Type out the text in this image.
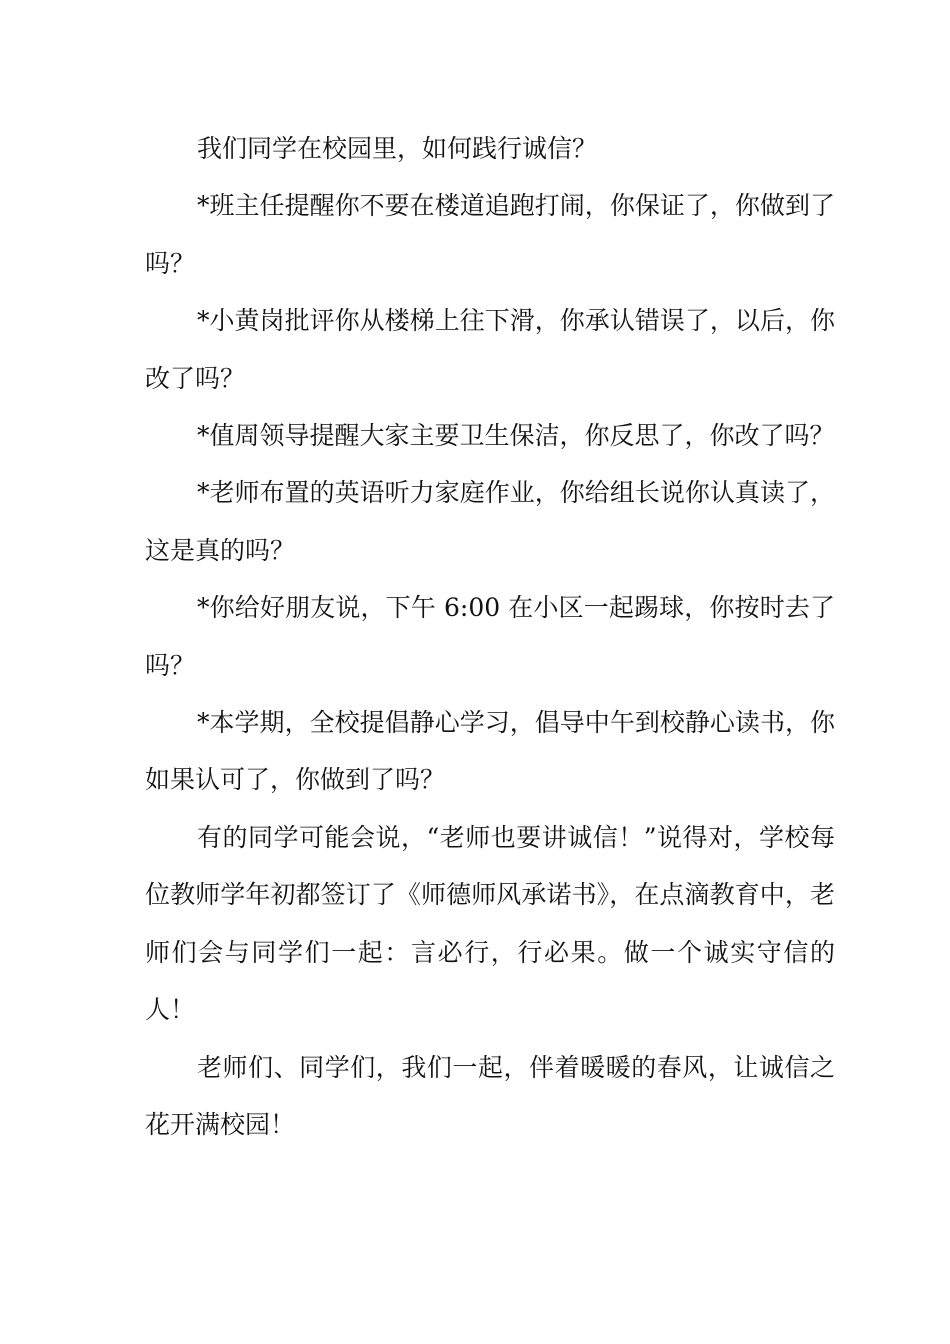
我们同学在校园里，如何践行诚信？

*班主任提醒你不要在楼道追跑打闹，你保证了，你做到了吗？

*小黄岗批评你从楼梯上往下滑，你承认错误了，以后，你改了吗？

*值周领导提醒大家主要卫生保洁，你反思了，你改了吗？

*老师布置的英语听力家庭作业，你给组长说你认真读了，这是真的吗？

*你给好朋友说，下午 6:00 在小区一起踢球，你按时去了吗？

*本学期，全校提倡静心学习，倡导中午到校静心读书，你如果认可了，你做到了吗？

有的同学可能会说，“老师也要讲诚信！”说得对，学校每位教师学年初都签订了《师德师风承诺书》，在点滴教育中，老师们会与同学们一起：言必行，行必果。做一个诚实守信的人！

老师们、同学们，我们一起，伴着暖暖的春风，让诚信之花开满校园！
